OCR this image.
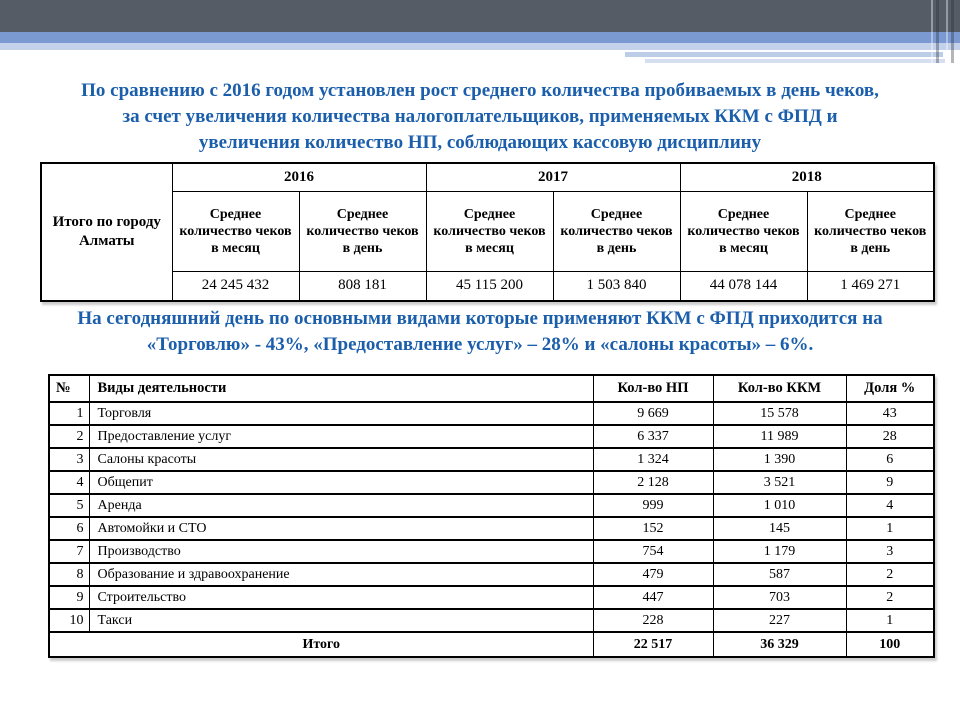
По сравнению с 2016 годом установлен рост среднего количества пробиваемых в день чеков,
за счет увеличения количества налогоплательщиков, применяемых ККМ с ФПД и
увеличения количество НП, соблюдающих кассовую дисциплину
Итого по городу Алматы	2016		2017		2018	
	Среднее количество чеков в месяц	Среднее количество чеков в день	Среднее количество чеков в месяц	Среднее количество чеков в день	Среднее количество чеков в месяц	Среднее количество чеков в день
	24 245 432	808 181	45 115 200	1 503 840	44 078 144	1 469 271
На сегодняшний день по основными видами которые применяют ККМ с ФПД приходится на
«Торговлю» - 43%, «Предоставление услуг» – 28% и «салоны красоты» – 6%.
№	Виды деятельности	Кол-во НП	Кол-во ККМ	Доля %
1	Торговля	9 669	15 578	43
2	Предоставление услуг	6 337	11 989	28
3	Салоны красоты	1 324	1 390	6
4	Общепит	2 128	3 521	9
5	Аренда	999	1 010	4
6	Автомойки и СТО	152	145	1
7	Производство	754	1 179	3
8	Образование и здравоохранение	479	587	2
9	Строительство	447	703	2
10	Такси	228	227	1
Итого		22 517	36 329	100
